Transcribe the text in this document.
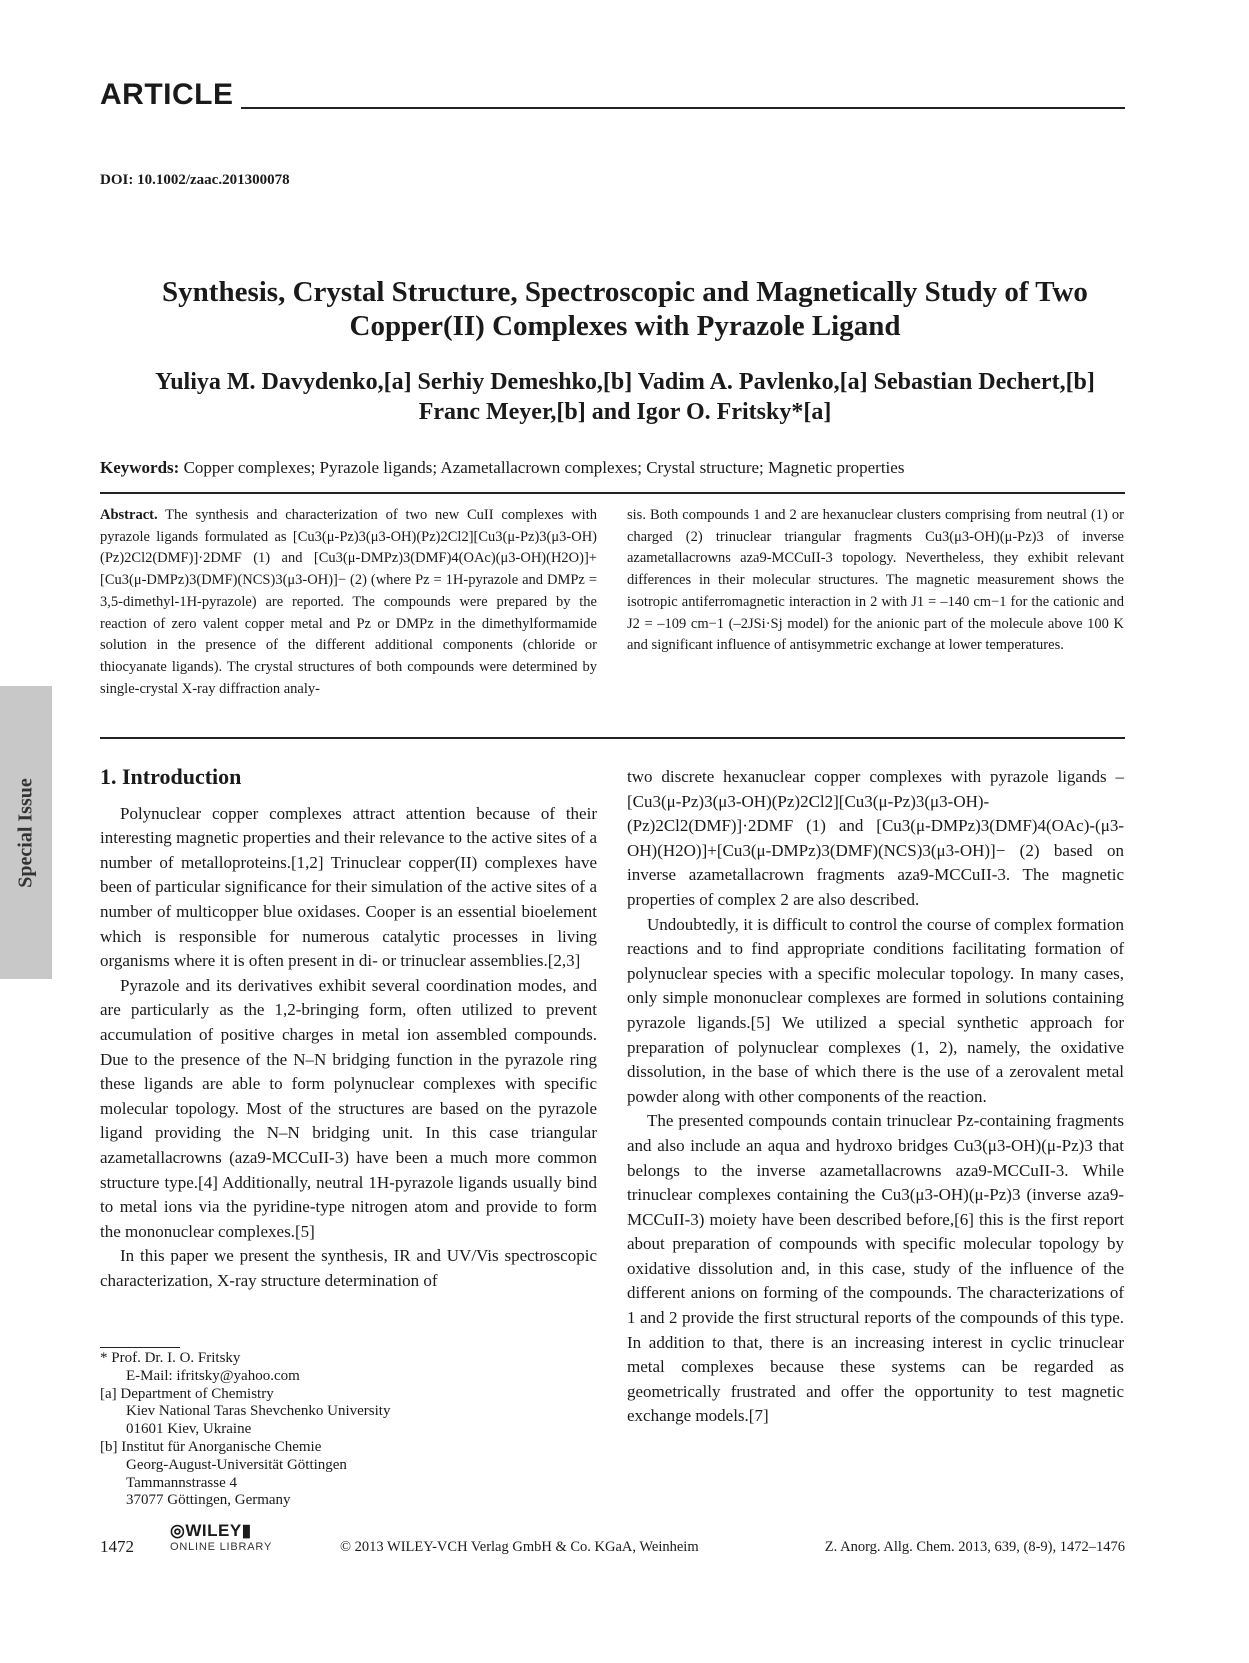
ARTICLE
DOI: 10.1002/zaac.201300078
Synthesis, Crystal Structure, Spectroscopic and Magnetically Study of Two
Copper(II) Complexes with Pyrazole Ligand
Yuliya M. Davydenko,[a] Serhiy Demeshko,[b] Vadim A. Pavlenko,[a] Sebastian Dechert,[b]
Franc Meyer,[b] and Igor O. Fritsky*[a]
Keywords: Copper complexes; Pyrazole ligands; Azametallacrown complexes; Crystal structure; Magnetic properties
Abstract. The synthesis and characterization of two new CuII complexes with pyrazole ligands formulated as [Cu3(μ-Pz)3(μ3-OH)(Pz)2Cl2][Cu3(μ-Pz)3(μ3-OH)(Pz)2Cl2(DMF)]·2DMF (1) and [Cu3(μ-DMPz)3(DMF)4(OAc)(μ3-OH)(H2O)]+[Cu3(μ-DMPz)3(DMF)(NCS)3(μ3-OH)]− (2) (where Pz = 1H-pyrazole and DMPz = 3,5-dimethyl-1H-pyrazole) are reported. The compounds were prepared by the reaction of zero valent copper metal and Pz or DMPz in the dimethylformamide solution in the presence of the different additional components (chloride or thiocyanate ligands). The crystal structures of both compounds were determined by single-crystal X-ray diffraction analy-
sis. Both compounds 1 and 2 are hexanuclear clusters comprising from neutral (1) or charged (2) trinuclear triangular fragments Cu3(μ3-OH)(μ-Pz)3 of inverse azametallacrowns aza9-MCCuII-3 topology. Nevertheless, they exhibit relevant differences in their molecular structures. The magnetic measurement shows the isotropic antiferromagnetic interaction in 2 with J1 = –140 cm−1 for the cationic and J2 = –109 cm−1 (–2JSi·Sj model) for the anionic part of the molecule above 100 K and significant influence of antisymmetric exchange at lower temperatures.
Special Issue
1. Introduction

Polynuclear copper complexes attract attention because of their interesting magnetic properties and their relevance to the active sites of a number of metalloproteins.[1,2] Trinuclear copper(II) complexes have been of particular significance for their simulation of the active sites of a number of multicopper blue oxidases. Cooper is an essential bioelement which is responsible for numerous catalytic processes in living organisms where it is often present in di- or trinuclear assemblies.[2,3]

Pyrazole and its derivatives exhibit several coordination modes, and are particularly as the 1,2-bringing form, often utilized to prevent accumulation of positive charges in metal ion assembled compounds. Due to the presence of the N–N bridging function in the pyrazole ring these ligands are able to form polynuclear complexes with specific molecular topology. Most of the structures are based on the pyrazole ligand providing the N–N bridging unit. In this case triangular azametallacrowns (aza9-MCCuII-3) have been a much more common structure type.[4] Additionally, neutral 1H-pyrazole ligands usually bind to metal ions via the pyridine-type nitrogen atom and provide to form the mononuclear complexes.[5]

In this paper we present the synthesis, IR and UV/Vis spectroscopic characterization, X-ray structure determination of

two discrete hexanuclear copper complexes with pyrazole ligands – [Cu3(μ-Pz)3(μ3-OH)(Pz)2Cl2][Cu3(μ-Pz)3(μ3-OH)-(Pz)2Cl2(DMF)]·2DMF (1) and [Cu3(μ-DMPz)3(DMF)4(OAc)-(μ3-OH)(H2O)]+[Cu3(μ-DMPz)3(DMF)(NCS)3(μ3-OH)]− (2) based on inverse azametallacrown fragments aza9-MCCuII-3. The magnetic properties of complex 2 are also described.

Undoubtedly, it is difficult to control the course of complex formation reactions and to find appropriate conditions facilitating formation of polynuclear species with a specific molecular topology. In many cases, only simple mononuclear complexes are formed in solutions containing pyrazole ligands.[5] We utilized a special synthetic approach for preparation of polynuclear complexes (1, 2), namely, the oxidative dissolution, in the base of which there is the use of a zerovalent metal powder along with other components of the reaction.

The presented compounds contain trinuclear Pz-containing fragments and also include an aqua and hydroxo bridges Cu3(μ3-OH)(μ-Pz)3 that belongs to the inverse azametallacrowns aza9-MCCuII-3. While trinuclear complexes containing the Cu3(μ3-OH)(μ-Pz)3 (inverse aza9-MCCuII-3) moiety have been described before,[6] this is the first report about preparation of compounds with specific molecular topology by oxidative dissolution and, in this case, study of the influence of the different anions on forming of the compounds. The characterizations of 1 and 2 provide the first structural reports of the compounds of this type. In addition to that, there is an increasing interest in cyclic trinuclear metal complexes because these systems can be regarded as geometrically frustrated and offer the opportunity to test magnetic exchange models.[7]

* Prof. Dr. I. O. Fritsky
E-Mail: ifritsky@yahoo.com
[a] Department of Chemistry
Kiev National Taras Shevchenko University
01601 Kiev, Ukraine
[b] Institut für Anorganische Chemie
Georg-August-Universität Göttingen
Tammannstrasse 4
37077 Göttingen, Germany
1472
◎WILEY▮
ONLINE LIBRARY	© 2013 WILEY-VCH Verlag GmbH & Co. KGaA, Weinheim	Z. Anorg. Allg. Chem. 2013, 639, (8-9), 1472–1476
